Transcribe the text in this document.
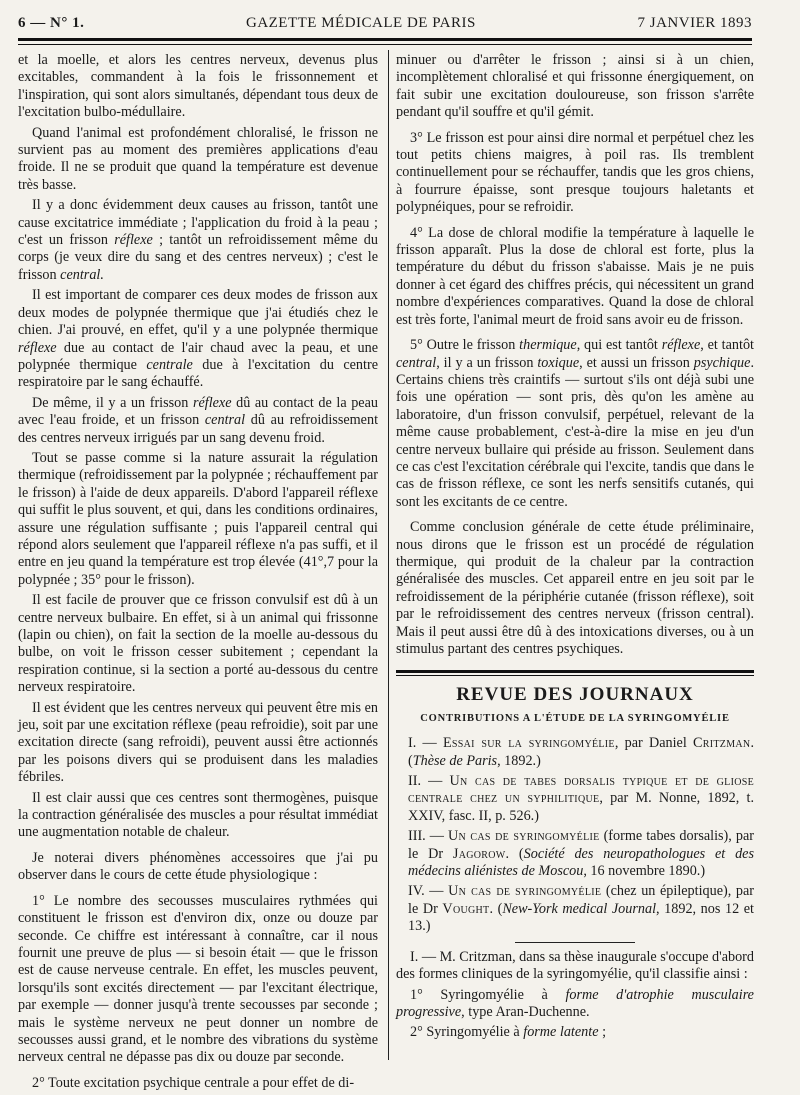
6 — N° 1.	GAZETTE MÉDICALE DE PARIS	7 JANVIER 1893

et la moelle, et alors les centres nerveux, devenus plus excitables, commandent à la fois le frissonnement et l'inspiration, qui sont alors simultanés, dépendant tous deux de l'excitation bulbo-médullaire.

Quand l'animal est profondément chloralisé, le frisson ne survient pas au moment des premières applications d'eau froide. Il ne se produit que quand la température est devenue très basse.

Il y a donc évidemment deux causes au frisson, tantôt une cause excitatrice immédiate ; l'application du froid à la peau ; c'est un frisson réflexe ; tantôt un refroidissement même du corps (je veux dire du sang et des centres nerveux) ; c'est le frisson central.

Il est important de comparer ces deux modes de frisson aux deux modes de polypnée thermique que j'ai étudiés chez le chien. J'ai prouvé, en effet, qu'il y a une polypnée thermique réflexe due au contact de l'air chaud avec la peau, et une polypnée thermique centrale due à l'excitation du centre respiratoire par le sang échauffé.

De même, il y a un frisson réflexe dû au contact de la peau avec l'eau froide, et un frisson central dû au refroidissement des centres nerveux irrigués par un sang devenu froid.

Tout se passe comme si la nature assurait la régulation thermique (refroidissement par la polypnée ; réchauffement par le frisson) à l'aide de deux appareils. D'abord l'appareil réflexe qui suffit le plus souvent, et qui, dans les conditions ordinaires, assure une régulation suffisante ; puis l'appareil central qui répond alors seulement que l'appareil réflexe n'a pas suffi, et il entre en jeu quand la température est trop élevée (41°,7 pour la polypnée ; 35° pour le frisson).

Il est facile de prouver que ce frisson convulsif est dû à un centre nerveux bulbaire. En effet, si à un animal qui frissonne (lapin ou chien), on fait la section de la moelle au-dessous du bulbe, on voit le frisson cesser subitement ; cependant la respiration continue, si la section a porté au-dessous du centre nerveux respiratoire.

Il est évident que les centres nerveux qui peuvent être mis en jeu, soit par une excitation réflexe (peau refroidie), soit par une excitation directe (sang refroidi), peuvent aussi être actionnés par les poisons divers qui se produisent dans les maladies fébriles.

Il est clair aussi que ces centres sont thermogènes, puisque la contraction généralisée des muscles a pour résultat immédiat une augmentation notable de chaleur.

Je noterai divers phénomènes accessoires que j'ai pu observer dans le cours de cette étude physiologique :

1° Le nombre des secousses musculaires rythmées qui constituent le frisson est d'environ dix, onze ou douze par seconde. Ce chiffre est intéressant à connaître, car il nous fournit une preuve de plus — si besoin était — que le frisson est de cause nerveuse centrale. En effet, les muscles peuvent, lorsqu'ils sont excités directement — par l'excitant électrique, par exemple — donner jusqu'à trente secousses par seconde ; mais le système nerveux ne peut donner un nombre de secousses aussi grand, et le nombre des vibrations du système nerveux central ne dépasse pas dix ou douze par seconde.

2° Toute excitation psychique centrale a pour effet de di-

minuer ou d'arrêter le frisson ; ainsi si à un chien, incomplètement chloralisé et qui frissonne énergiquement, on fait subir une excitation douloureuse, son frisson s'arrête pendant qu'il souffre et qu'il gémit.

3° Le frisson est pour ainsi dire normal et perpétuel chez les tout petits chiens maigres, à poil ras. Ils tremblent continuellement pour se réchauffer, tandis que les gros chiens, à fourrure épaisse, sont presque toujours haletants et polypnéiques, pour se refroidir.

4° La dose de chloral modifie la température à laquelle le frisson apparaît. Plus la dose de chloral est forte, plus la température du début du frisson s'abaisse. Mais je ne puis donner à cet égard des chiffres précis, qui nécessitent un grand nombre d'expériences comparatives. Quand la dose de chloral est très forte, l'animal meurt de froid sans avoir eu de frisson.

5° Outre le frisson thermique, qui est tantôt réflexe, et tantôt central, il y a un frisson toxique, et aussi un frisson psychique. Certains chiens très craintifs — surtout s'ils ont déjà subi une fois une opération — sont pris, dès qu'on les amène au laboratoire, d'un frisson convulsif, perpétuel, relevant de la même cause probablement, c'est-à-dire la mise en jeu d'un centre nerveux bullaire qui préside au frisson. Seulement dans ce cas c'est l'excitation cérébrale qui l'excite, tandis que dans le cas de frisson réflexe, ce sont les nerfs sensitifs cutanés, qui sont les excitants de ce centre.

Comme conclusion générale de cette étude préliminaire, nous dirons que le frisson est un procédé de régulation thermique, qui produit de la chaleur par la contraction généralisée des muscles. Cet appareil entre en jeu soit par le refroidissement de la périphérie cutanée (frisson réflexe), soit par le refroidissement des centres nerveux (frisson central). Mais il peut aussi être dû à des intoxications diverses, ou à un stimulus partant des centres psychiques.

REVUE DES JOURNAUX
CONTRIBUTIONS A L'ÉTUDE DE LA SYRINGOMYÉLIE

I. — Essai sur la syringomyélie, par Daniel Critzman. (Thèse de Paris, 1892.)

II. — Un cas de tabes dorsalis typique et de gliose centrale chez un syphilitique, par M. Nonne, 1892, t. XXIV, fasc. II, p. 526.)

III. — Un cas de syringomyélie (forme tabes dorsalis), par le Dr Jagorow. (Société des neuropathologues et des médecins aliénistes de Moscou, 16 novembre 1890.)

IV. — Un cas de syringomyélie (chez un épileptique), par le Dr Vought. (New-York medical Journal, 1892, nos 12 et 13.)

I. — M. Critzman, dans sa thèse inaugurale s'occupe d'abord des formes cliniques de la syringomyélie, qu'il classifie ainsi :

1° Syringomyélie à forme d'atrophie musculaire progressive, type Aran-Duchenne.

2° Syringomyélie à forme latente ;
